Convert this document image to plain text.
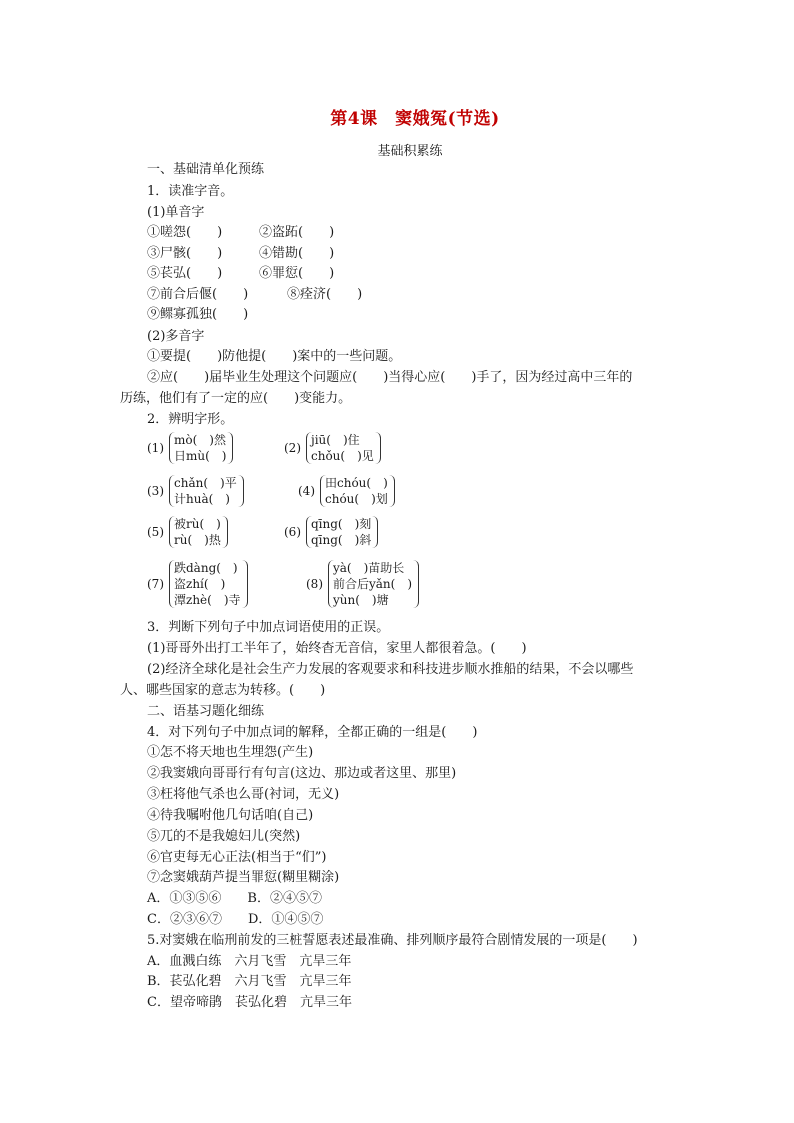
第4课　窦娥冤(节选)
基础积累练
一、基础清单化预练
1．读准字音。
(1)单音字
①嗟怨(　　)	②盗跖(　　)
③尸骸(　　)	④错勘(　　)
⑤苌弘(　　)	⑥罪愆(　　)
⑦前合后偃(　　)	⑧痊济(　　)
⑨鳏寡孤独(　　)
(2)多音字
①要提(　　)防他提(　　)案中的一些问题。
②应(　　)届毕业生处理这个问题应(　　)当得心应(　　)手了，因为经过高中三年的
历练，他们有了一定的应(　　)变能力。
2．辨明字形。
(1)
mò(　)然
日mù(　)
(2)
jiū(　)住
chǒu(　)见
(3)
chǎn(　)平
计huà(　)
(4)
田chóu(　)
chóu(　)划
(5)
被rù(　)
rù(　)热
(6)
qīng(　)刻
qīng(　)斜
(7)
跌dàng(　)
盗zhí(　)
潭zhè(　)寺
(8)
yà(　)苗助长
前合后yǎn(　)
yùn(　)塘
3．判断下列句子中加点词语使用的正误。
(1)哥哥外出打工半年了，始终杳无音信，家里人都很着急。(　　)
(2)经济全球化是社会生产力发展的客观要求和科技进步顺水推船的结果，不会以哪些
人、哪些国家的意志为转移。(　　)
二、语基习题化细练
4．对下列句子中加点词的解释，全都正确的一组是(　　)
①怎不将天地也生埋怨(产生)
②我窦娥向哥哥行有句言(这边、那边或者这里、那里)
③枉将他气杀也么哥(衬词，无义)
④待我嘱咐他几句话咱(自己)
⑤兀的不是我媳妇儿(突然)
⑥官吏每无心正法(相当于“们”)
⑦念窦娥葫芦提当罪愆(糊里糊涂)
A．①③⑤⑥　　B．②④⑤⑦
C．②③⑥⑦　　D．①④⑤⑦
5.对窦娥在临刑前发的三桩誓愿表述最准确、排列顺序最符合剧情发展的一项是(　　)
A．血溅白练　六月飞雪　亢旱三年
B．苌弘化碧　六月飞雪　亢旱三年
C．望帝啼鹃　苌弘化碧　亢旱三年
